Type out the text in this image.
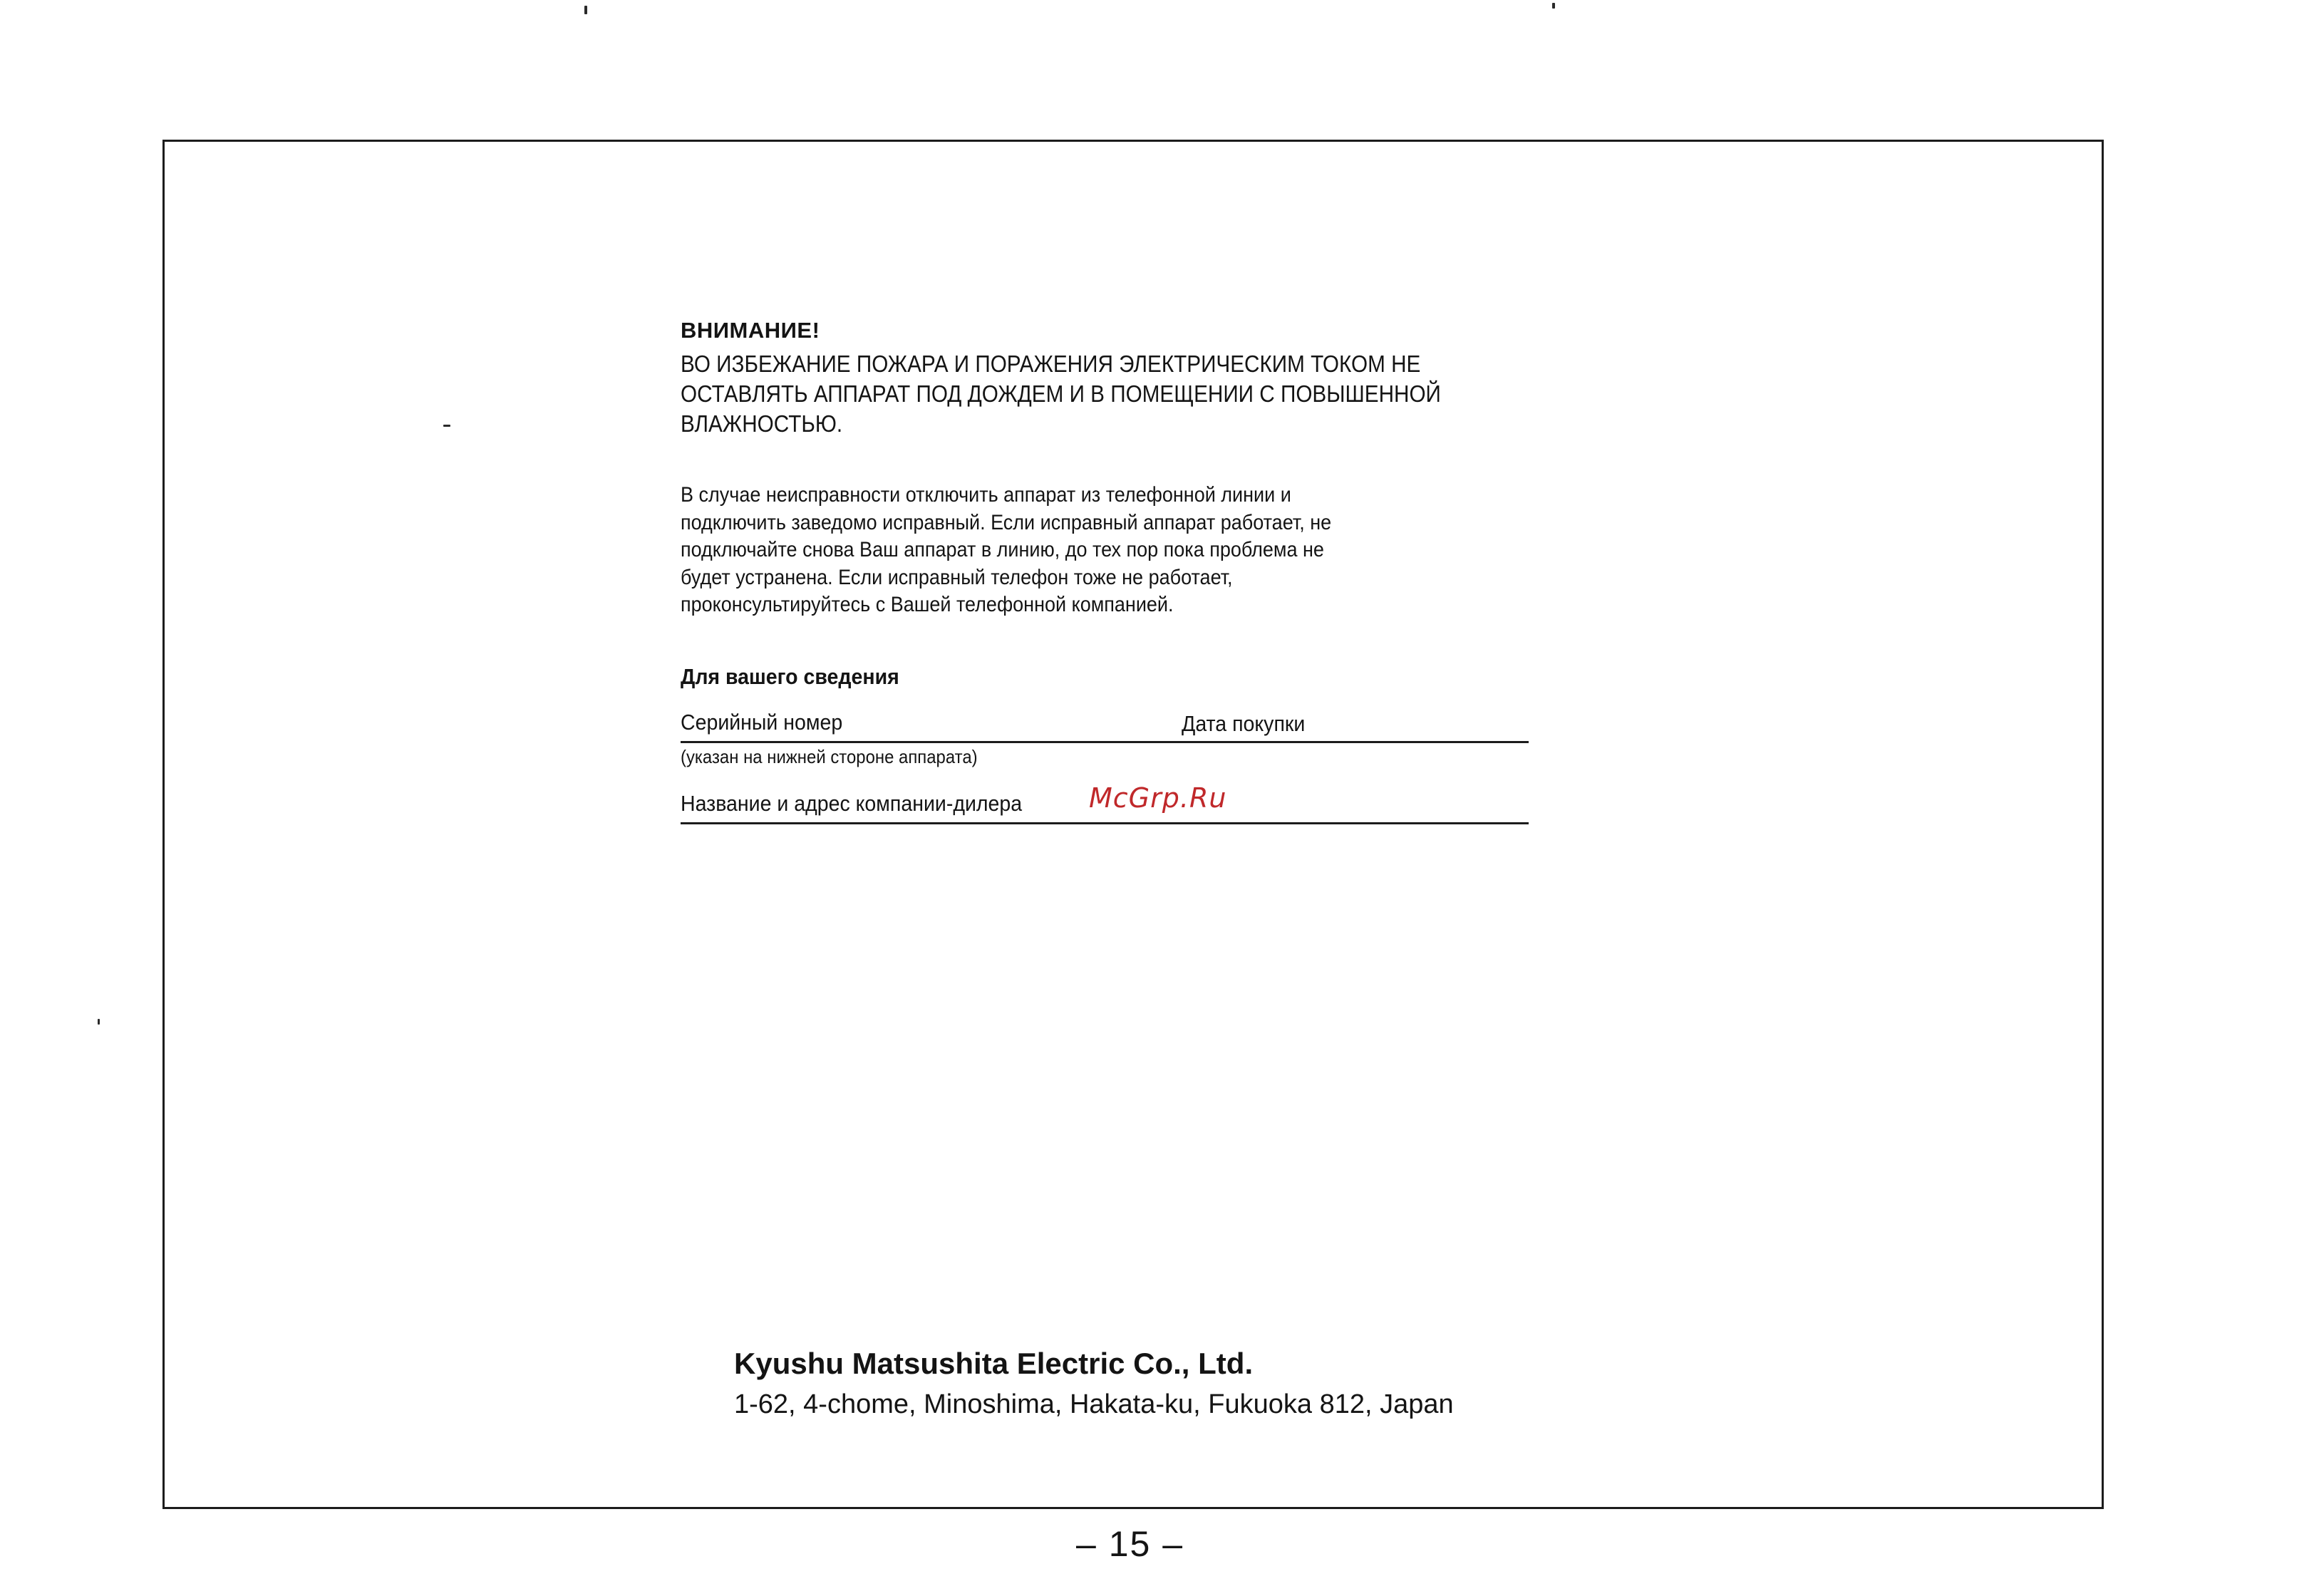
ВНИМАНИЕ!

ВО ИЗБЕЖАНИЕ ПОЖАРА И ПОРАЖЕНИЯ ЭЛЕКТРИЧЕСКИМ ТОКОМ НЕ
ОСТАВЛЯТЬ АППАРАТ ПОД ДОЖДЕМ И В ПОМЕЩЕНИИ С ПОВЫШЕННОЙ
ВЛАЖНОСТЬЮ.

В случае неисправности отключить аппарат из телефонной линии и
подключить заведомо исправный. Если исправный аппарат работает, не
подключайте снова Ваш аппарат в линию, до тех пор пока проблема не
будет устранена. Если исправный телефон тоже не работает,
проконсультируйтесь с Вашей телефонной компанией.

Для вашего сведения
Серийный номер	Дата покупки
(указан на нижней стороне аппарата)
Название и адрес компании-дилера McGrp.Ru
Kyushu Matsushita Electric Co., Ltd.

1-62, 4-chome, Minoshima, Hakata-ku, Fukuoka 812, Japan

– 15 –
